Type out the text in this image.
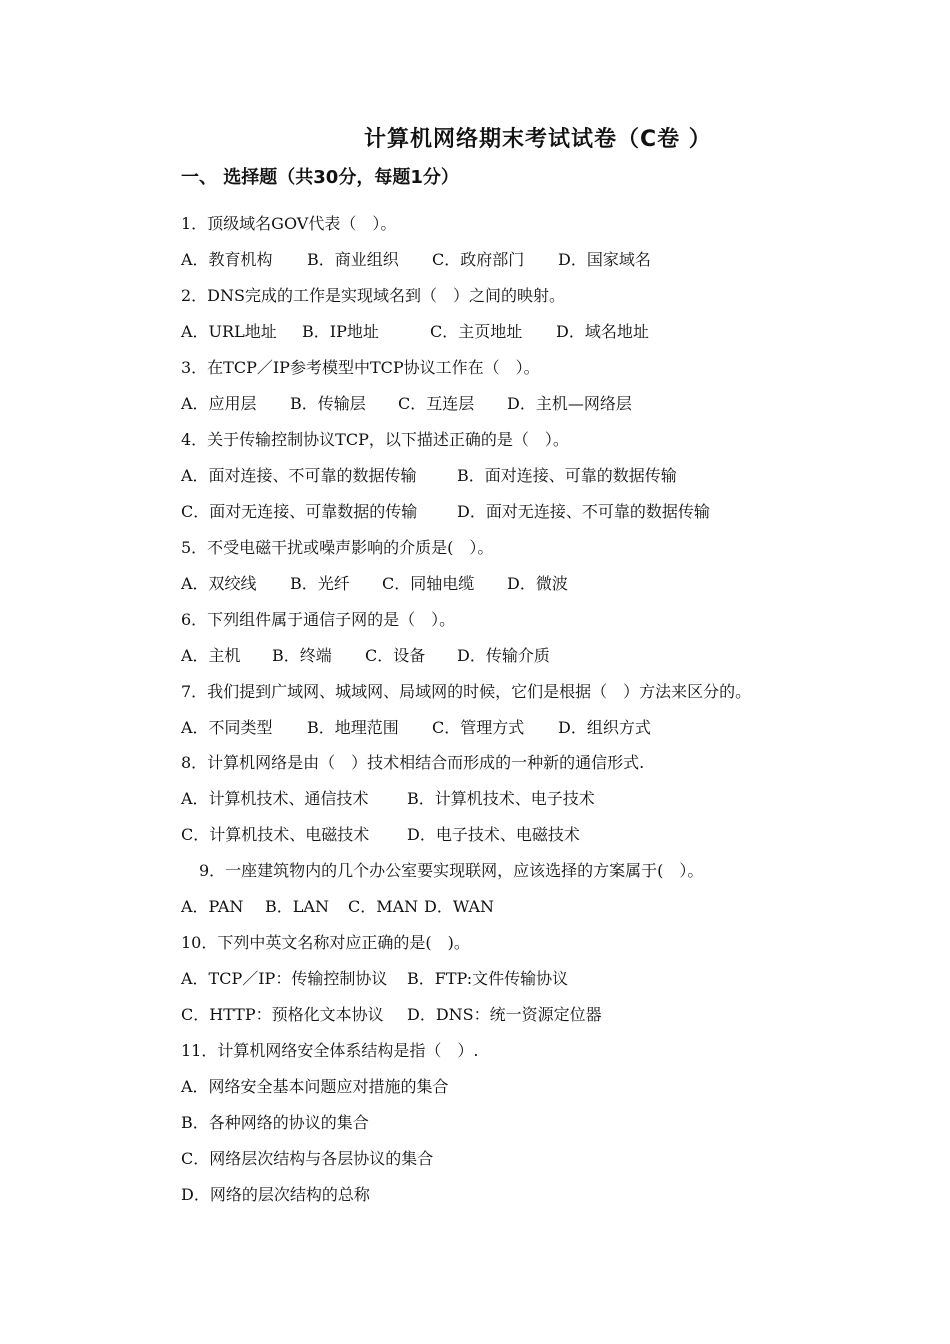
计算机网络期末考试试卷（C卷 ）
一、 选择题（共30分，每题1分）
1．顶级域名GOV代表（　）。
A．教育机构 B．商业组织 C．政府部门 D．国家域名
2．DNS完成的工作是实现域名到（　）之间的映射。
A．URL地址 B．IP地址	C．主页地址 D．域名地址
3．在TCP／IP参考模型中TCP协议工作在（　）。
A．应用层 B．传输层 C．互连层 D．主机—网络层
4．关于传输控制协议TCP，以下描述正确的是（　）。
A．面对连接、不可靠的数据传输	B．面对连接、可靠的数据传输
C．面对无连接、可靠数据的传输 D．面对无连接、不可靠的数据传输
5．不受电磁干扰或噪声影响的介质是(　）。
A．双绞线 B．光纤 C．同轴电缆 D．微波
6．下列组件属于通信子网的是（　）。
A．主机 B．终端 C．设备 D．传输介质
7．我们提到广域网、城域网、局域网的时候，它们是根据（　）方法来区分的。
A．不同类型 B．地理范围 C．管理方式 D．组织方式
8．计算机网络是由（　）技术相结合而形成的一种新的通信形式.
A．计算机技术、通信技术 B．计算机技术、电子技术
C．计算机技术、电磁技术 D．电子技术、电磁技术
9．一座建筑物内的几个办公室要实现联网，应该选择的方案属于(　）。
A．PAN B．LAN C．MAN D．WAN
10．下列中英文名称对应正确的是(　)。
A．TCP／IP：传输控制协议 B．FTP:文件传输协议
C．HTTP：预格化文本协议 D．DNS：统一资源定位器
11．计算机网络安全体系结构是指（　）.
A．网络安全基本问题应对措施的集合
B．各种网络的协议的集合
C．网络层次结构与各层协议的集合
D．网络的层次结构的总称
